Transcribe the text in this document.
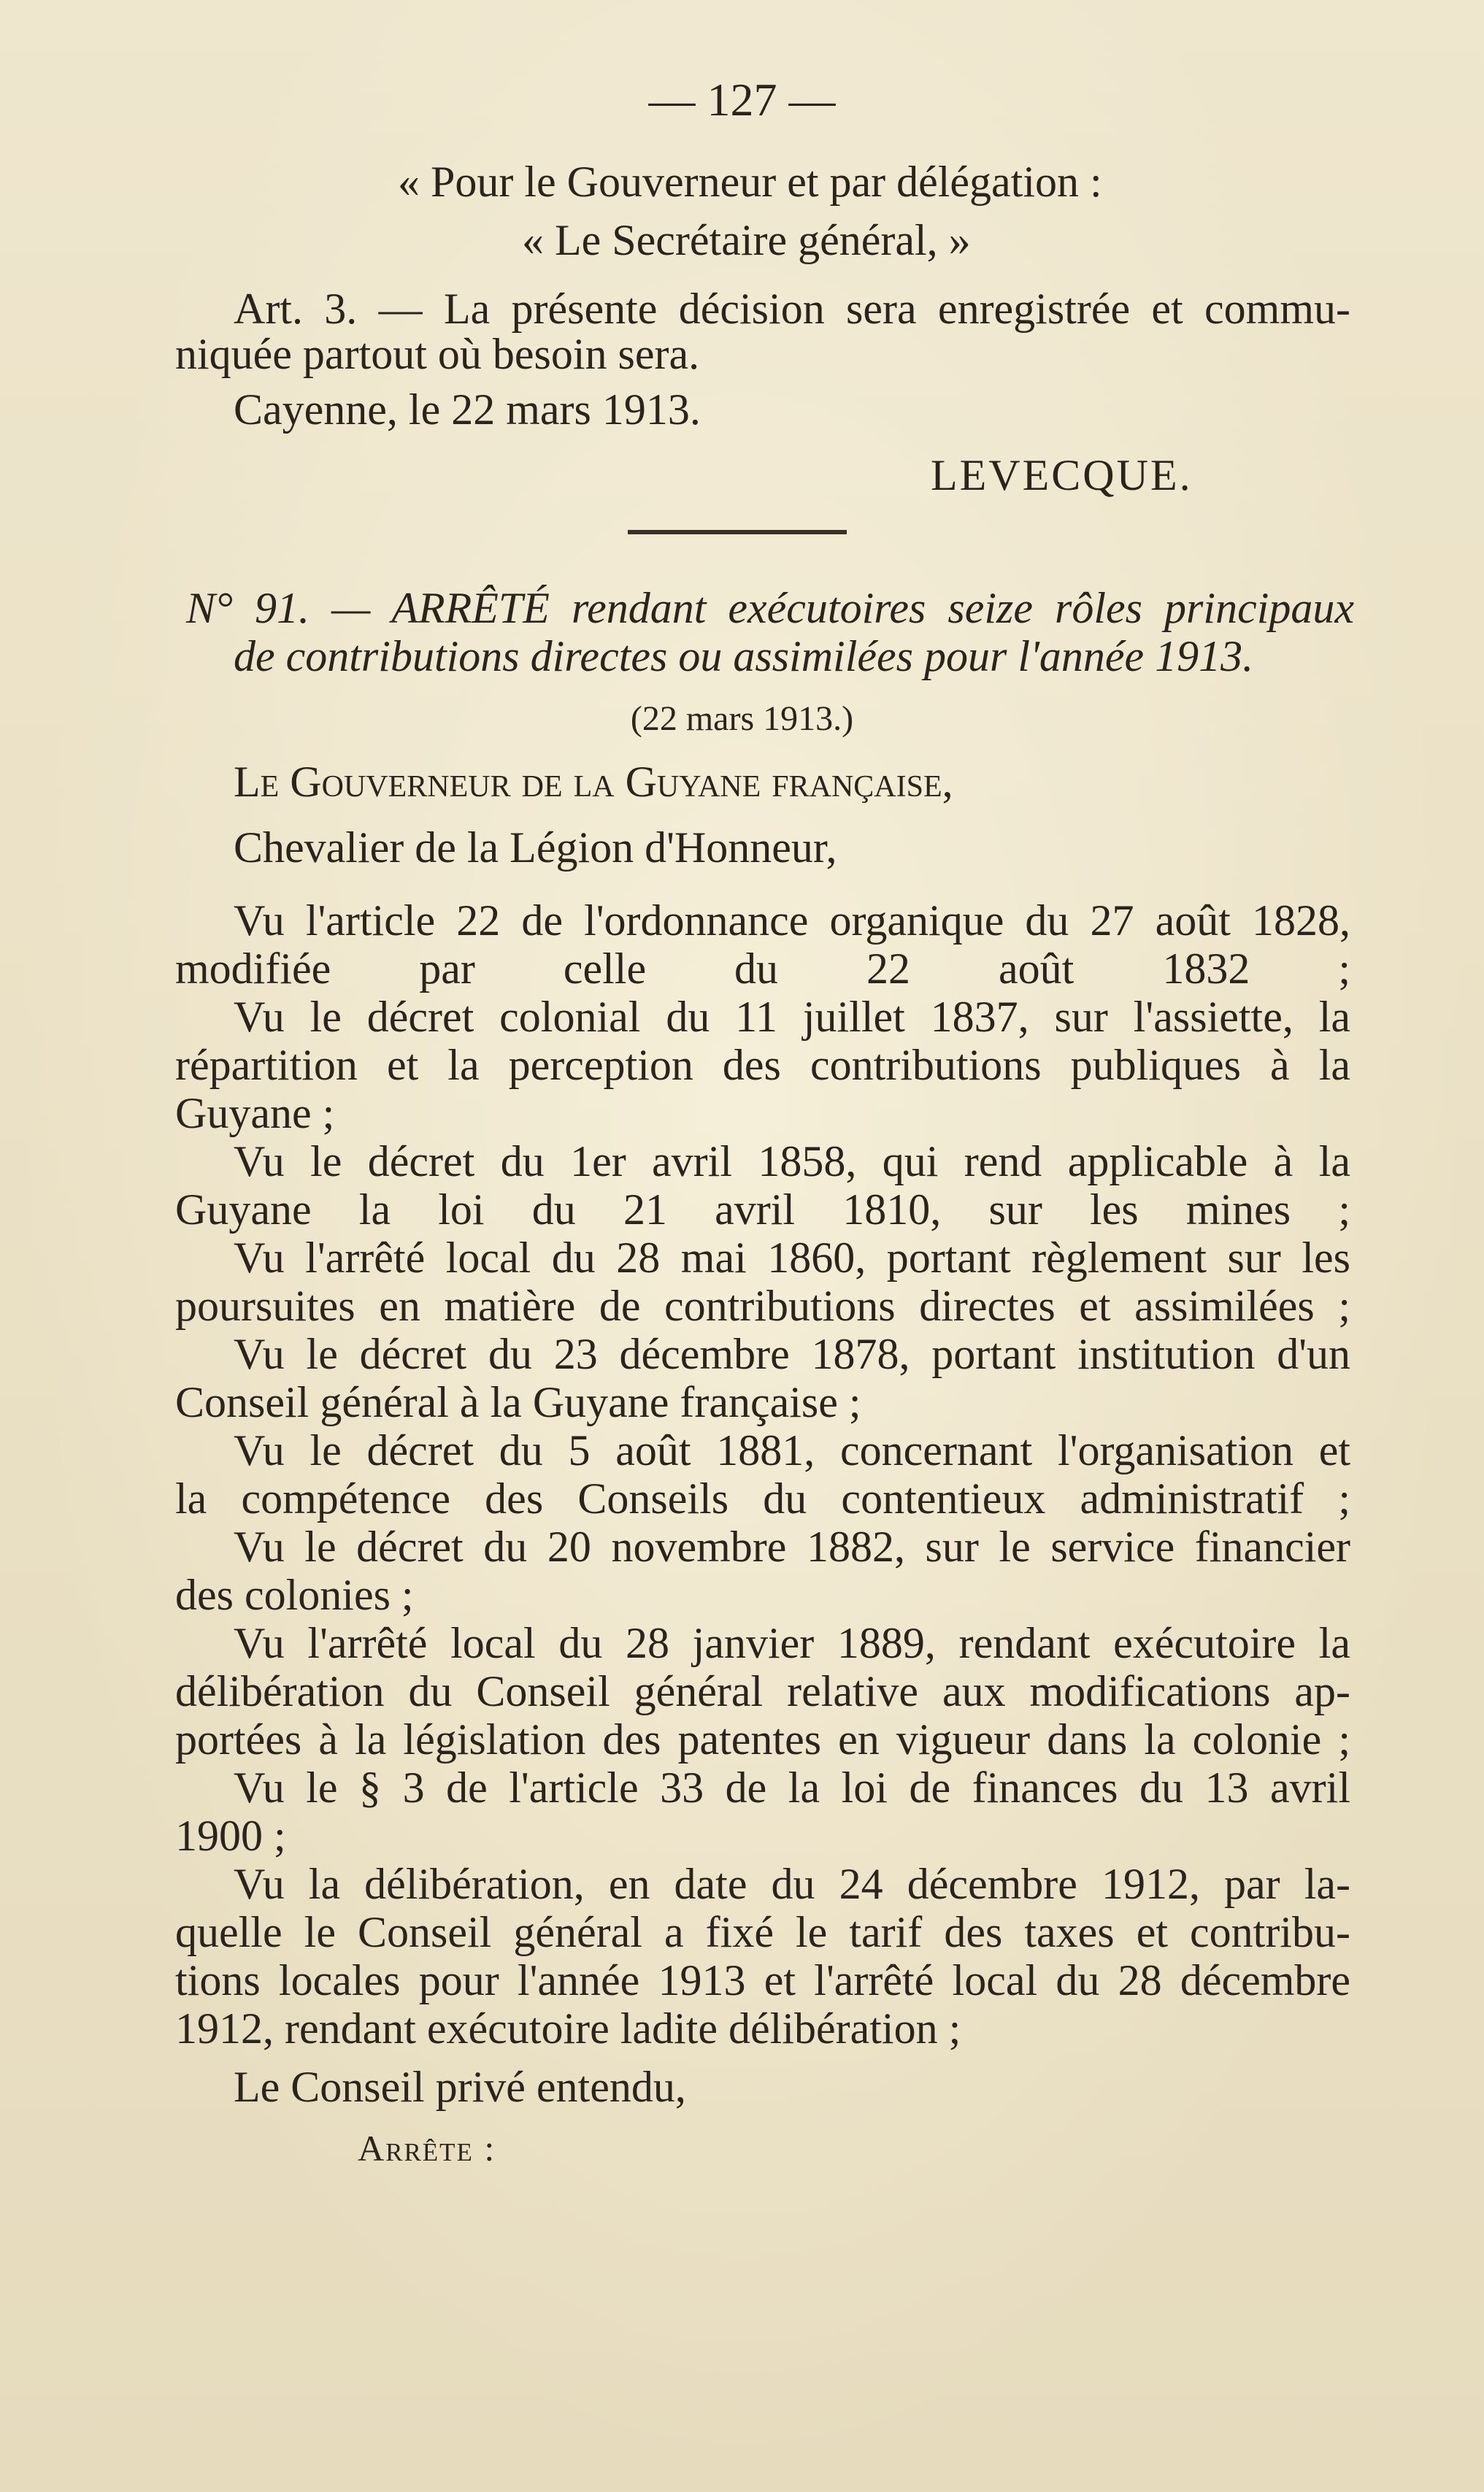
— 127 —
« Pour le Gouverneur et par délégation :
« Le Secrétaire général, »
Art. 3. — La présente décision sera enregistrée et commu-
niquée partout où besoin sera.
Cayenne, le 22 mars 1913.
LEVECQUE.
N° 91. — ARRÊTÉ rendant exécutoires seize rôles principaux
de contributions directes ou assimilées pour l'année 1913.
(22 mars 1913.)
Le Gouverneur de la Guyane française,
Chevalier de la Légion d'Honneur,
Vu l'article 22 de l'ordonnance organique du 27 août 1828,
modifiée par celle du 22 août 1832 ;
Vu le décret colonial du 11 juillet 1837, sur l'assiette, la
répartition et la perception des contributions publiques à la
Guyane ;
Vu le décret du 1er avril 1858, qui rend applicable à la
Guyane la loi du 21 avril 1810, sur les mines ;
Vu l'arrêté local du 28 mai 1860, portant règlement sur les
poursuites en matière de contributions directes et assimilées ;
Vu le décret du 23 décembre 1878, portant institution d'un
Conseil général à la Guyane française ;
Vu le décret du 5 août 1881, concernant l'organisation et
la compétence des Conseils du contentieux administratif ;
Vu le décret du 20 novembre 1882, sur le service financier
des colonies ;
Vu l'arrêté local du 28 janvier 1889, rendant exécutoire la
délibération du Conseil général relative aux modifications ap-
portées à la législation des patentes en vigueur dans la colonie ;
Vu le § 3 de l'article 33 de la loi de finances du 13 avril
1900 ;
Vu la délibération, en date du 24 décembre 1912, par la-
quelle le Conseil général a fixé le tarif des taxes et contribu-
tions locales pour l'année 1913 et l'arrêté local du 28 décembre
1912, rendant exécutoire ladite délibération ;
Le Conseil privé entendu,
Arrête :
